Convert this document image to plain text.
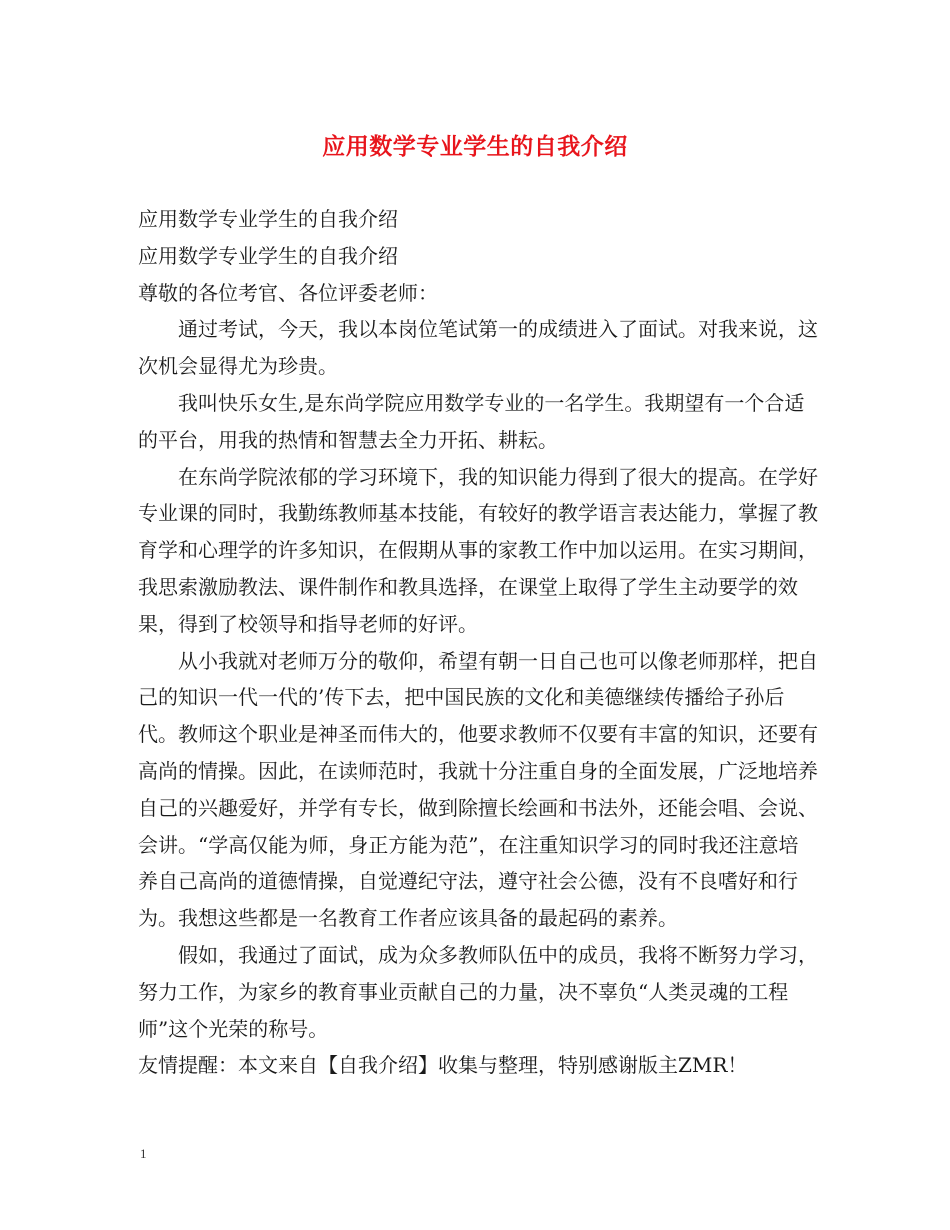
应用数学专业学生的自我介绍

应用数学专业学生的自我介绍

应用数学专业学生的自我介绍

尊敬的各位考官、各位评委老师：

通过考试，今天，我以本岗位笔试第一的成绩进入了面试。对我来说，这次机会显得尤为珍贵。

我叫快乐女生,是东尚学院应用数学专业的一名学生。我期望有一个合适的平台，用我的热情和智慧去全力开拓、耕耘。

在东尚学院浓郁的学习环境下，我的知识能力得到了很大的提高。在学好专业课的同时，我勤练教师基本技能，有较好的教学语言表达能力，掌握了教育学和心理学的许多知识，在假期从事的家教工作中加以运用。在实习期间，我思索激励教法、课件制作和教具选择，在课堂上取得了学生主动要学的效果，得到了校领导和指导老师的好评。

从小我就对老师万分的敬仰，希望有朝一日自己也可以像老师那样，把自己的知识一代一代的’传下去，把中国民族的文化和美德继续传播给子孙后代。教师这个职业是神圣而伟大的，他要求教师不仅要有丰富的知识，还要有高尚的情操。因此，在读师范时，我就十分注重自身的全面发展，广泛地培养自己的兴趣爱好，并学有专长，做到除擅长绘画和书法外，还能会唱、会说、会讲。“学高仅能为师，身正方能为范”，在注重知识学习的同时我还注意培养自己高尚的道德情操，自觉遵纪守法，遵守社会公德，没有不良嗜好和行为。我想这些都是一名教育工作者应该具备的最起码的素养。

假如，我通过了面试，成为众多教师队伍中的成员，我将不断努力学习，努力工作，为家乡的教育事业贡献自己的力量，决不辜负“人类灵魂的工程师”这个光荣的称号。

友情提醒：本文来自【自我介绍】收集与整理，特别感谢版主ZMR！

1
